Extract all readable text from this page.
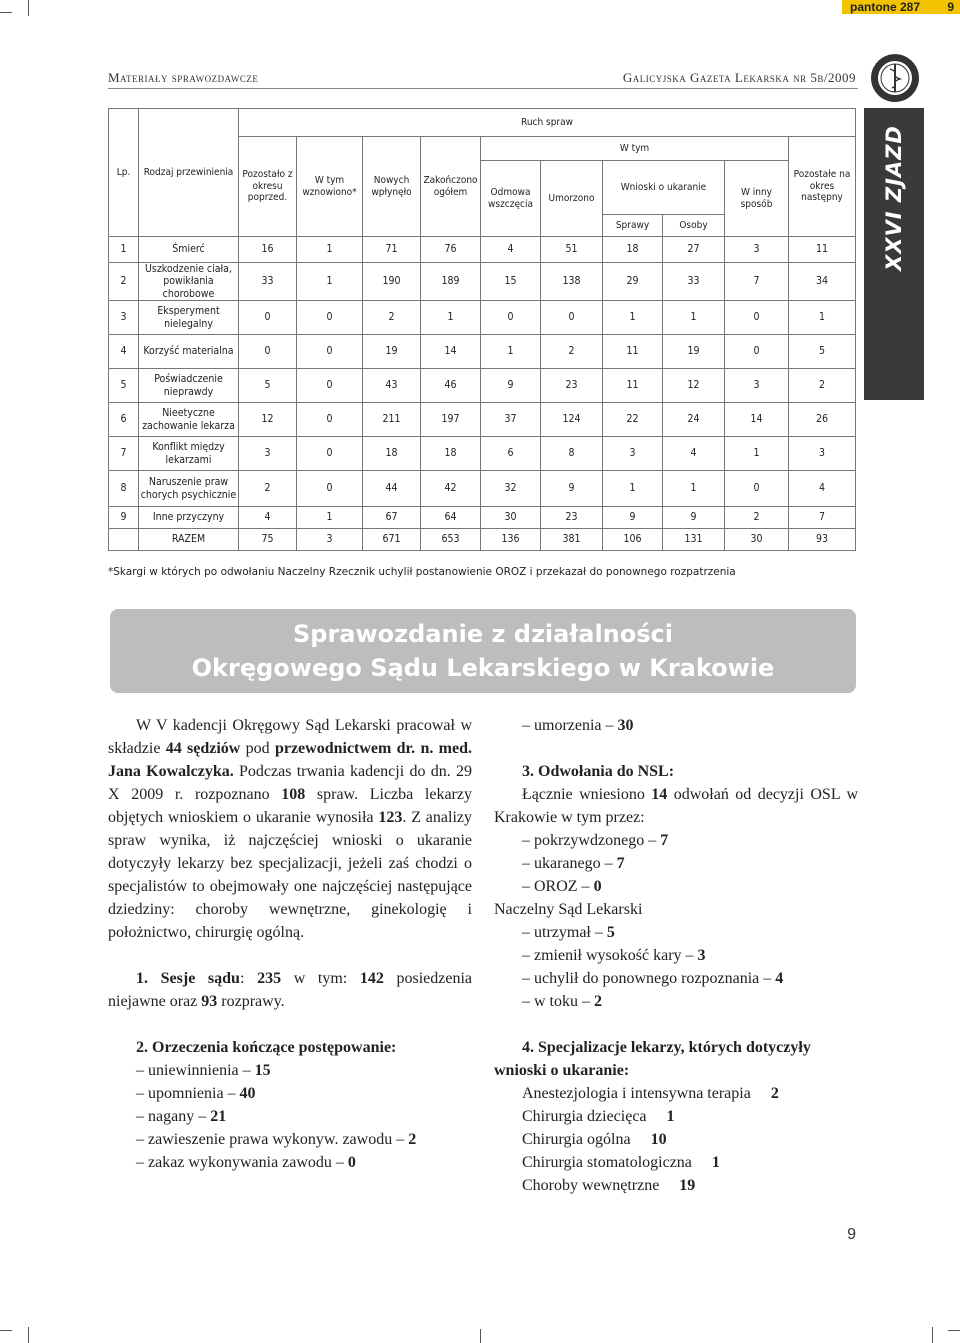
pantone 287 9
Materiały sprawozdawcze	Galicyjska Gazeta Lekarska nr 5b/2009
XXVI ZJAZD
Lp.	Rodzaj przewinienia	Ruch spraw									
		Pozostało z okresu poprzed.	W tym wznowiono*	Nowych wpłynęło	Zakończono ogółem	W tym					Pozostałe na okres następny
						Odmowa wszczęcia	Umorzono	Wnioski o ukaranie		W inny sposób	
								Sprawy	Osoby		
1	Śmierć	16	1	71	76	4	51	18	27	3	11
2	Uszkodzenie ciała, powikłania chorobowe	33	1	190	189	15	138	29	33	7	34
3	Eksperyment nielegalny	0	0	2	1	0	0	1	1	0	1
4	Korzyść materialna	0	0	19	14	1	2	11	19	0	5
5	Poświadczenie nieprawdy	5	0	43	46	9	23	11	12	3	2
6	Nieetyczne zachowanie lekarza	12	0	211	197	37	124	22	24	14	26
7	Konflikt między lekarzami	3	0	18	18	6	8	3	4	1	3
8	Naruszenie praw chorych psychicznie	2	0	44	42	32	9	1	1	0	4
9	Inne przyczyny	4	1	67	64	30	23	9	9	2	7
	RAZEM	75	3	671	653	136	381	106	131	30	93
*Skargi w których po odwołaniu Naczelny Rzecznik uchylił postanowienie OROZ i przekazał do ponownego rozpatrzenia
Sprawozdanie z działalności
Okręgowego Sądu Lekarskiego w Krakowie

W V kadencji Okręgowy Sąd Lekarski pracował w składzie 44 sędziów pod przewodnictwem dr. n. med. Jana Kowalczyka. Podczas trwania kadencji do dn. 29 X 2009 r. rozpoznano 108 spraw. Liczba lekarzy objętych wnioskiem o ukaranie wynosiła 123. Z analizy spraw wynika, iż najczęściej wnioski o ukaranie dotyczyły lekarzy bez specjalizacji, jeżeli zaś chodzi o specjalistów to obejmowały one najczęściej następujące dziedziny: choroby wewnętrzne, ginekologię i położnictwo, chirurgię ogólną.

1. Sesje sądu: 235 w tym: 142 posiedzenia niejawne oraz 93 rozprawy.

2. Orzeczenia kończące postępowanie:

– uniewinnienia – 15

– upomnienia – 40

– nagany – 21

– zawieszenie prawa wykonyw. zawodu – 2

– zakaz wykonywania zawodu – 0

– umorzenia – 30

3. Odwołania do NSL:

Łącznie wniesiono 14 odwołań od decyzji OSL w Krakowie w tym przez:

– pokrzywdzonego – 7

– ukaranego – 7

– OROZ – 0

Naczelny Sąd Lekarski

– utrzymał – 5

– zmienił wysokość kary – 3

– uchylił do ponownego rozpoznania – 4

– w toku – 2

4. Specjalizacje lekarzy, których dotyczyły wnioski o ukaranie:

Anestezjologia i intensywna terapia 2

Chirurgia dziecięca 1

Chirurgia ogólna 10

Chirurgia stomatologiczna 1

Choroby wewnętrzne 19

9
